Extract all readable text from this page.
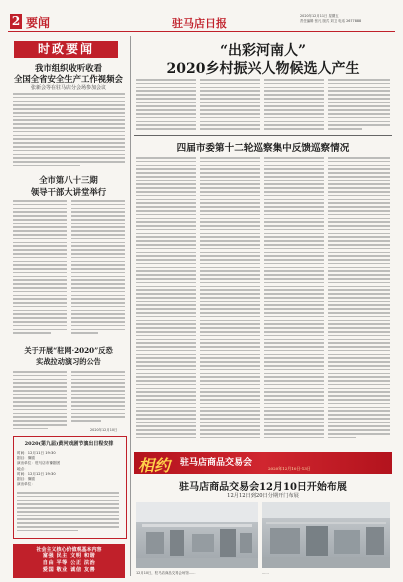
2 要闻	驻马店日报
2020年12月11日 星期五
责任编辑 张凡 版式 刘卫 电话 2677888
时政要闻
我市组织收听收看
全国全省安全生产工作视频会
张新会等在驻马店分会场参加会议
全市第八十三期
领导干部大讲堂举行
关于开展“驻网·2020”反恐
实战拉动演习的公告
2020年12月10日
2020(第九届)黄河戏剧节演出日程安排
时间：12月11日 19:30
剧目：豫剧
演出单位：驻马店市豫剧团
地点：
时间：12月12日 19:30
剧目：豫剧
演出单位：
社会主义核心价值观基本内容
富强 民主 文明 和谐
自由 平等 公正 法治
爱国 敬业 诚信 友善
“出彩河南人”
2020乡村振兴人物候选人产生
四届市委第十二轮巡察集中反馈巡察情况
相约 驻马店商品交易会
2020年12月10日-13日
驻马店商品交易会12月10日开始布展
12月12日到20日分期开门布展
12月10日，驻马店商品交易会场馆……	……
